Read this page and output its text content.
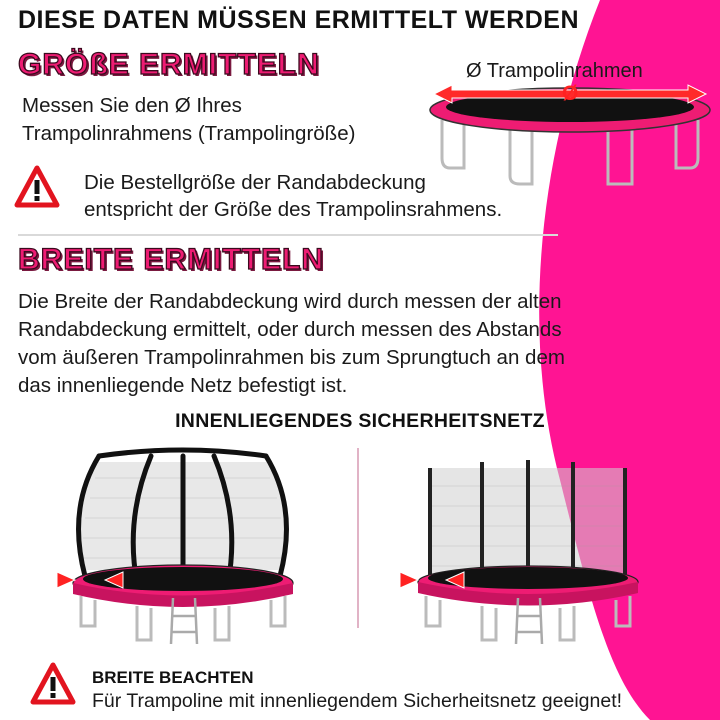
DIESE DATEN MÜSSEN ERMITTELT WERDEN
GRÖßE ERMITTELN
Messen Sie den Ø Ihres
Trampolinrahmens (Trampolingröße)
Ø Trampolinrahmen
Ø
Die Bestellgröße der Randabdeckung
entspricht der Größe des Trampolinsrahmens.
BREITE ERMITTELN
Die Breite der Randabdeckung wird durch messen der alten
Randabdeckung ermittelt, oder durch messen des Abstands
vom äußeren Trampolinrahmen bis zum Sprungtuch an dem
das innenliegende Netz befestigt ist.
INNENLIEGENDES SICHERHEITSNETZ
BREITE BEACHTEN
Für Trampoline mit innenliegendem Sicherheitsnetz geeignet!
